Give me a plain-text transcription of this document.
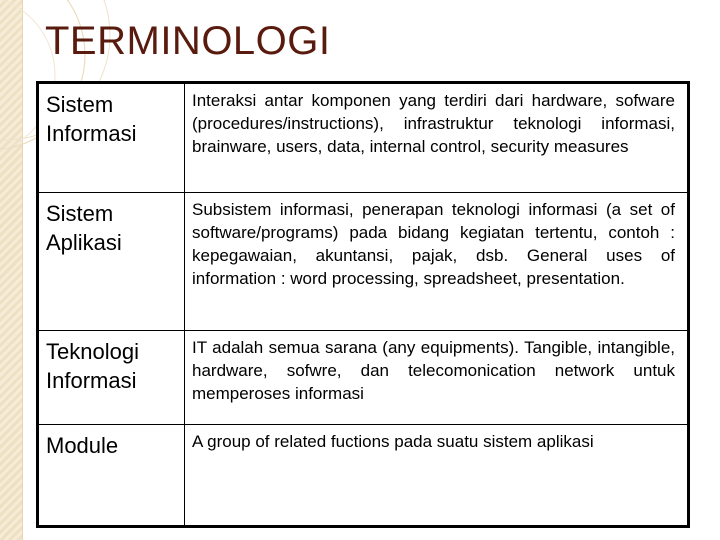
TERMINOLOGI
Sistem Informasi	Interaksi antar komponen yang terdiri dari hardware, sofware (procedures/instructions), infrastruktur teknologi informasi, brainware, users, data, internal control, security measures
Sistem Aplikasi	Subsistem informasi, penerapan teknologi informasi (a set of software/programs) pada bidang kegiatan tertentu, contoh : kepegawaian, akuntansi, pajak, dsb. General uses of information : word processing, spreadsheet, presentation.
Teknologi Informasi	IT adalah semua sarana (any equipments). Tangible, intangible, hardware, sofwre, dan telecomonication network untuk memperoses informasi
Module	A group of related fuctions pada suatu sistem aplikasi
